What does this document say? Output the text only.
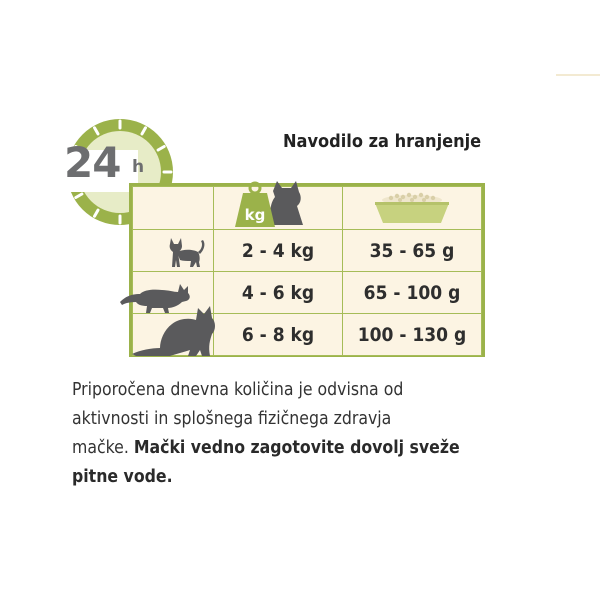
24 h
Navodilo za hranjenje

kg

	2 - 4 kg	35 - 65 g
	4 - 6 kg	65 - 100 g
	6 - 8 kg	100 - 130 g
Priporočena dnevna količina je odvisna od
aktivnosti in splošnega fizičnega zdravja
mačke. Mački vedno zagotovite dovolj sveže
pitne vode.
